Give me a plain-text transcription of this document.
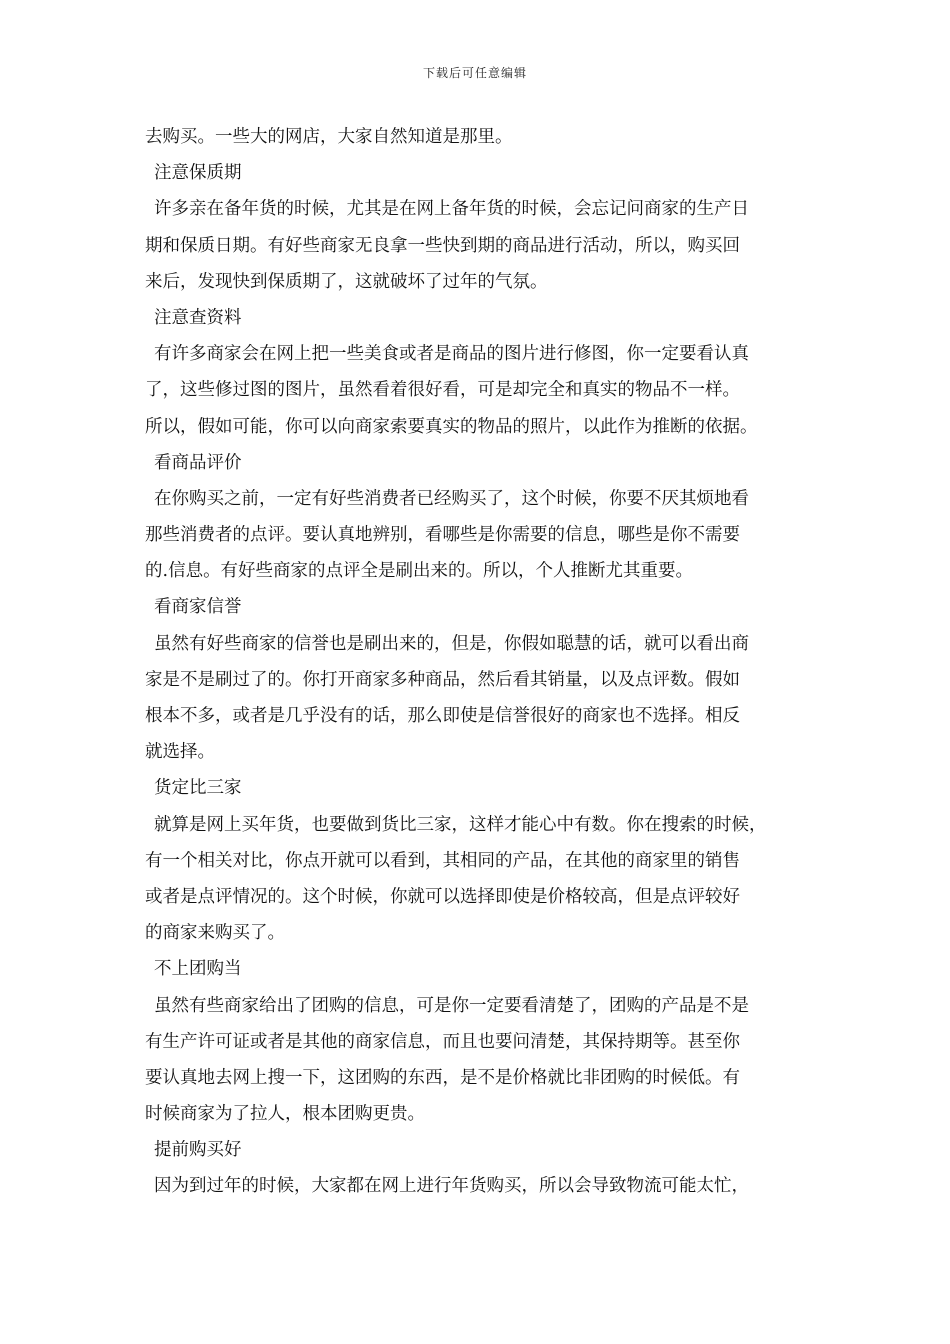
下载后可任意编辑
去购买。一些大的网店，大家自然知道是那里。
注意保质期
许多亲在备年货的时候，尤其是在网上备年货的时候，会忘记问商家的生产日
期和保质日期。有好些商家无良拿一些快到期的商品进行活动，所以，购买回
来后，发现快到保质期了，这就破坏了过年的气氛。
注意查资料
有许多商家会在网上把一些美食或者是商品的图片进行修图，你一定要看认真
了，这些修过图的图片，虽然看着很好看，可是却完全和真实的物品不一样。
所以，假如可能，你可以向商家索要真实的物品的照片，以此作为推断的依据。
看商品评价
在你购买之前，一定有好些消费者已经购买了，这个时候，你要不厌其烦地看
那些消费者的点评。要认真地辨别，看哪些是你需要的信息，哪些是你不需要
的.信息。有好些商家的点评全是刷出来的。所以，个人推断尤其重要。
看商家信誉
虽然有好些商家的信誉也是刷出来的，但是，你假如聪慧的话，就可以看出商
家是不是刷过了的。你打开商家多种商品，然后看其销量，以及点评数。假如
根本不多，或者是几乎没有的话，那么即使是信誉很好的商家也不选择。相反
就选择。
货定比三家
就算是网上买年货，也要做到货比三家，这样才能心中有数。你在搜索的时候，
有一个相关对比，你点开就可以看到，其相同的产品，在其他的商家里的销售
或者是点评情况的。这个时候，你就可以选择即使是价格较高，但是点评较好
的商家来购买了。
不上团购当
虽然有些商家给出了团购的信息，可是你一定要看清楚了，团购的产品是不是
有生产许可证或者是其他的商家信息，而且也要问清楚，其保持期等。甚至你
要认真地去网上搜一下，这团购的东西，是不是价格就比非团购的时候低。有
时候商家为了拉人，根本团购更贵。
提前购买好
因为到过年的时候，大家都在网上进行年货购买，所以会导致物流可能太忙，
